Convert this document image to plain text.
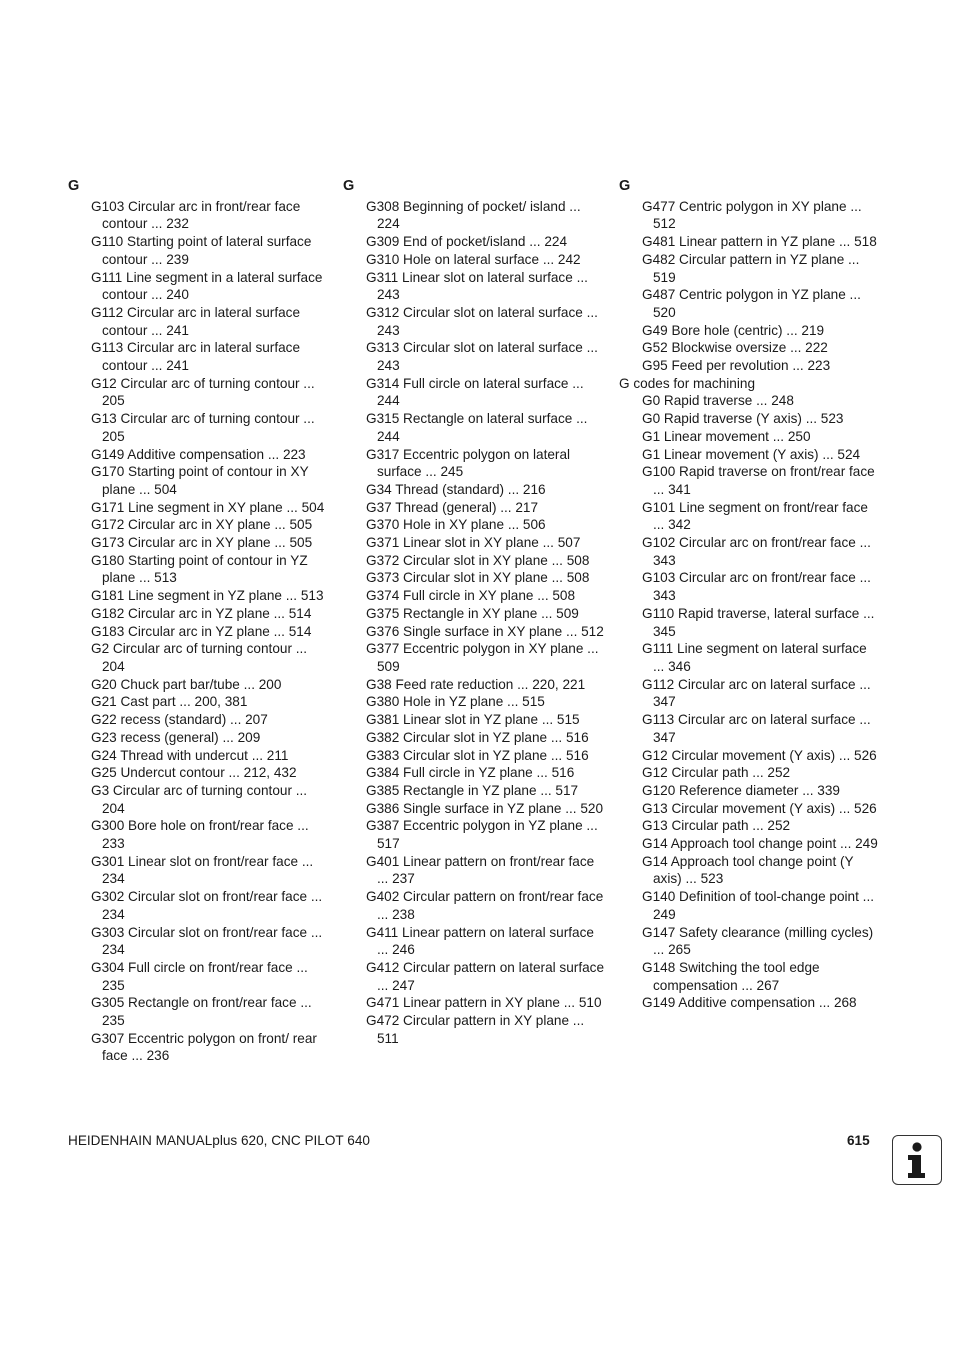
G
G103 Circular arc in front/rear face contour ... 232
G110 Starting point of lateral surface contour ... 239
G111 Line segment in a lateral surface contour ... 240
G112 Circular arc in lateral surface contour ... 241
G113 Circular arc in lateral surface contour ... 241
G12 Circular arc of turning contour ... 205
G13 Circular arc of turning contour ... 205
G149 Additive compensation ... 223
G170 Starting point of contour in XY plane ... 504
G171 Line segment in XY plane ... 504
G172 Circular arc in XY plane ... 505
G173 Circular arc in XY plane ... 505
G180 Starting point of contour in YZ plane ... 513
G181 Line segment in YZ plane ... 513
G182 Circular arc in YZ plane ... 514
G183 Circular arc in YZ plane ... 514
G2 Circular arc of turning contour ... 204
G20 Chuck part bar/tube ... 200
G21 Cast part ... 200, 381
G22 recess (standard) ... 207
G23 recess (general) ... 209
G24 Thread with undercut ... 211
G25 Undercut contour ... 212, 432
G3 Circular arc of turning contour ... 204
G300 Bore hole on front/rear face ... 233
G301 Linear slot on front/rear face ... 234
G302 Circular slot on front/rear face ... 234
G303 Circular slot on front/rear face ... 234
G304 Full circle on front/rear face ... 235
G305 Rectangle on front/rear face ... 235
G307 Eccentric polygon on front/ rear face ... 236
G
G308 Beginning of pocket/ island ... 224
G309 End of pocket/island ... 224
G310 Hole on lateral surface ... 242
G311 Linear slot on lateral surface ... 243
G312 Circular slot on lateral surface ... 243
G313 Circular slot on lateral surface ... 243
G314 Full circle on lateral surface ... 244
G315 Rectangle on lateral surface ... 244
G317 Eccentric polygon on lateral surface ... 245
G34 Thread (standard) ... 216
G37 Thread (general) ... 217
G370 Hole in XY plane ... 506
G371 Linear slot in XY plane ... 507
G372 Circular slot in XY plane ... 508
G373 Circular slot in XY plane ... 508
G374 Full circle in XY plane ... 508
G375 Rectangle in XY plane ... 509
G376 Single surface in XY plane ... 512
G377 Eccentric polygon in XY plane ... 509
G38 Feed rate reduction ... 220, 221
G380 Hole in YZ plane ... 515
G381 Linear slot in YZ plane ... 515
G382 Circular slot in YZ plane ... 516
G383 Circular slot in YZ plane ... 516
G384 Full circle in YZ plane ... 516
G385 Rectangle in YZ plane ... 517
G386 Single surface in YZ plane ... 520
G387 Eccentric polygon in YZ plane ... 517
G401 Linear pattern on front/rear face ... 237
G402 Circular pattern on front/rear face ... 238
G411 Linear pattern on lateral surface ... 246
G412 Circular pattern on lateral surface ... 247
G471 Linear pattern in XY plane ... 510
G472 Circular pattern in XY plane ... 511
G
G477 Centric polygon in XY plane ... 512
G481 Linear pattern in YZ plane ... 518
G482 Circular pattern in YZ plane ... 519
G487 Centric polygon in YZ plane ... 520
G49 Bore hole (centric) ... 219
G52 Blockwise oversize ... 222
G95 Feed per revolution ... 223
G codes for machining
G0 Rapid traverse ... 248
G0 Rapid traverse (Y axis) ... 523
G1 Linear movement ... 250
G1 Linear movement (Y axis) ... 524
G100 Rapid traverse on front/rear face ... 341
G101 Line segment on front/rear face ... 342
G102 Circular arc on front/rear face ... 343
G103 Circular arc on front/rear face ... 343
G110 Rapid traverse, lateral surface ... 345
G111 Line segment on lateral surface ... 346
G112 Circular arc on lateral surface ... 347
G113 Circular arc on lateral surface ... 347
G12 Circular movement (Y axis) ... 526
G12 Circular path ... 252
G120 Reference diameter ... 339
G13 Circular movement (Y axis) ... 526
G13 Circular path ... 252
G14 Approach tool change point ... 249
G14 Approach tool change point (Y axis) ... 523
G140 Definition of tool-change point ... 249
G147 Safety clearance (milling cycles) ... 265
G148 Switching the tool edge compensation ... 267
G149 Additive compensation ... 268
HEIDENHAIN MANUALplus 620, CNC PILOT 640	615
